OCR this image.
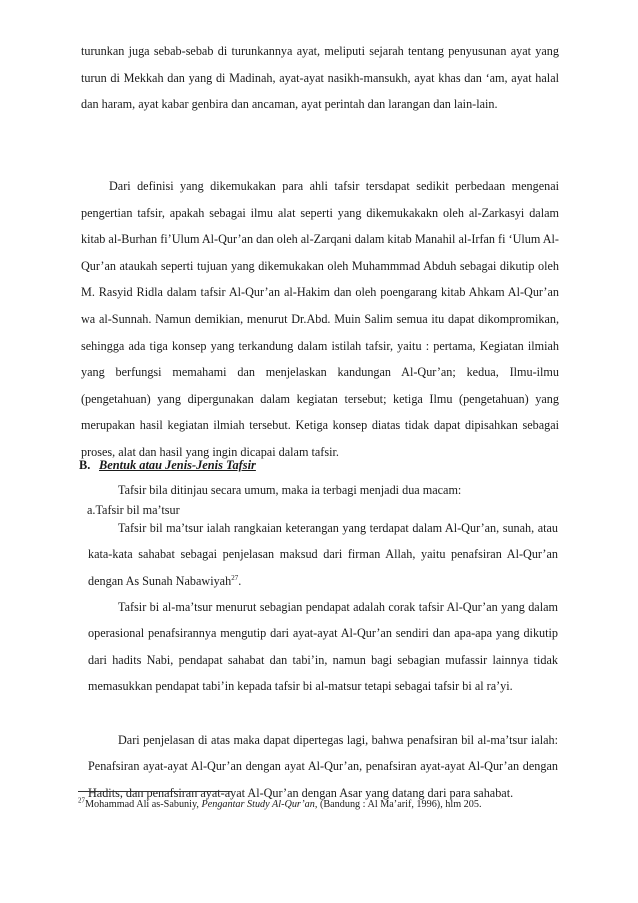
turunkan juga sebab-sebab di turunkannya ayat, meliputi sejarah tentang penyusunan ayat yang turun di Mekkah dan yang di Madinah, ayat-ayat nasikh-mansukh, ayat khas dan ‘am, ayat halal dan haram, ayat kabar genbira dan ancaman, ayat perintah dan larangan dan lain-lain.

Dari definisi yang dikemukakan para ahli tafsir tersdapat sedikit perbedaan mengenai pengertian tafsir, apakah sebagai ilmu alat seperti yang dikemukakakn oleh al-Zarkasyi dalam kitab al-Burhan fi’Ulum Al-Qur’an dan oleh al-Zarqani dalam kitab Manahil al-Irfan fi ‘Ulum Al-Qur’an ataukah seperti tujuan yang dikemukakan oleh Muhammmad Abduh sebagai dikutip oleh M. Rasyid Ridla dalam tafsir Al-Qur’an al-Hakim dan oleh poengarang kitab Ahkam Al-Qur’an wa al-Sunnah. Namun demikian, menurut Dr.Abd. Muin Salim semua itu dapat dikompromikan, sehingga ada tiga konsep yang terkandung dalam istilah tafsir, yaitu : pertama, Kegiatan ilmiah yang berfungsi memahami dan menjelaskan kandungan Al-Qur’an; kedua, Ilmu-ilmu (pengetahuan) yang dipergunakan dalam kegiatan tersebut; ketiga Ilmu (pengetahuan) yang merupakan hasil kegiatan ilmiah tersebut. Ketiga konsep diatas tidak dapat dipisahkan sebagai proses, alat dan hasil yang ingin dicapai dalam tafsir.

B. Bentuk atau Jenis-Jenis Tafsir

Tafsir bila ditinjau secara umum, maka ia terbagi menjadi dua macam:

a.Tafsir bil ma’tsur

Tafsir bil ma’tsur ialah rangkaian keterangan yang terdapat dalam Al-Qur’an, sunah, atau kata-kata sahabat sebagai penjelasan maksud dari firman Allah, yaitu penafsiran Al-Qur’an dengan As Sunah Nabawiyah$^{27}$.

Tafsir bi al-ma’tsur menurut sebagian pendapat adalah corak tafsir Al-Qur’an yang dalam operasional penafsirannya mengutip dari ayat-ayat Al-Qur’an sendiri dan apa-apa yang dikutip dari hadits Nabi, pendapat sahabat dan tabi’in, namun bagi sebagian mufassir lainnya tidak memasukkan pendapat tabi’in kepada tafsir bi al-matsur tetapi sebagai tafsir bi al ra’yi.

Dari penjelasan di atas maka dapat dipertegas lagi, bahwa penafsiran bil al-ma’tsur ialah: Penafsiran ayat-ayat Al-Qur’an dengan ayat Al-Qur’an, penafsiran ayat-ayat Al-Qur’an dengan Hadits, dan penafsiran ayat-ayat Al-Qur’an dengan Asar yang datang dari para sahabat.

$^{27}$Mohammad Ali as-Sabuniy, Pengantar Study Al-Qur’an, (Bandung : Al Ma’arif, 1996), hlm 205.
